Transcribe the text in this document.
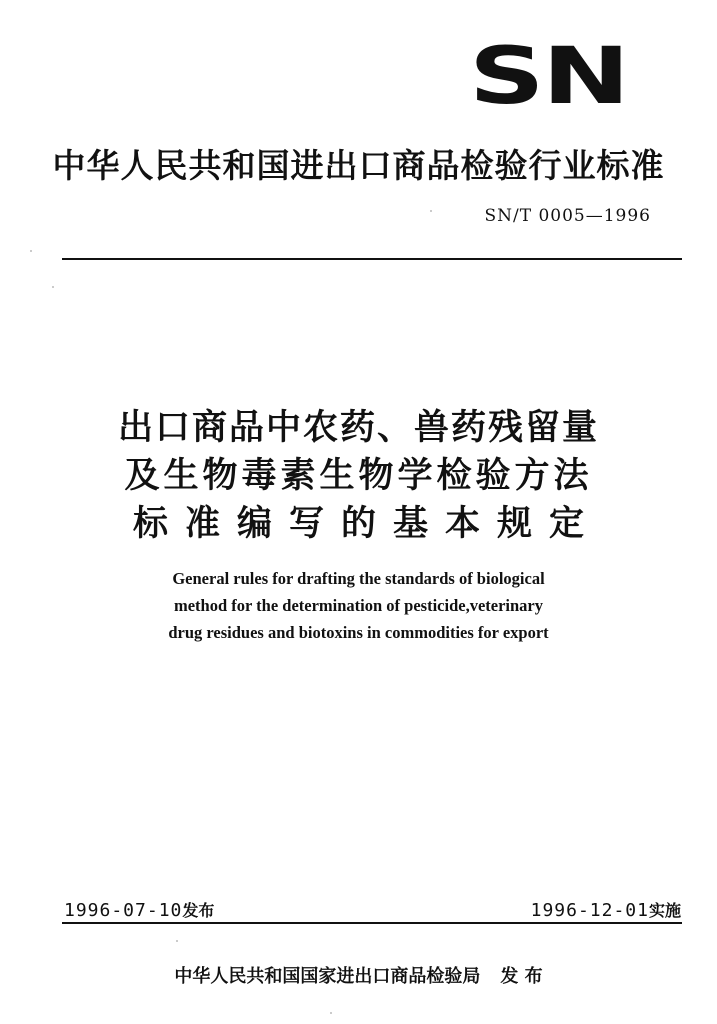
SN
中华人民共和国进出口商品检验行业标准
SN/T 0005—1996
出口商品中农药、兽药残留量
及生物毒素生物学检验方法
标准编写的基本规定
General rules for drafting the standards of biological
method for the determination of pesticide,veterinary
drug residues and biotoxins in commodities for export
1996-07-10发布	1996-12-01实施
中华人民共和国国家进出口商品检验局 发 布
